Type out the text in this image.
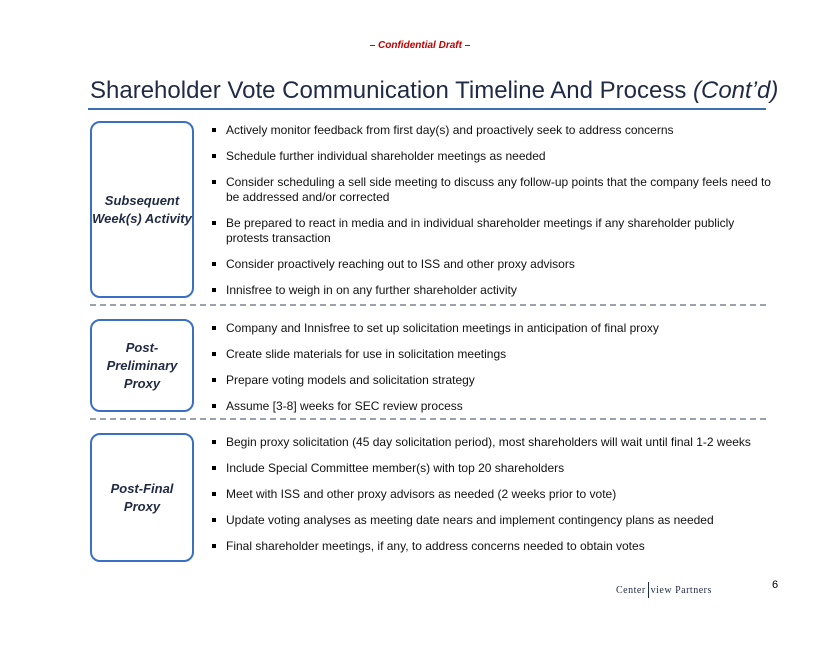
– Confidential Draft –
Shareholder Vote Communication Timeline And Process (Cont’d)
Subsequent Week(s) Activity
Actively monitor feedback from first day(s) and proactively seek to address concerns
Schedule further individual shareholder meetings as needed
Consider scheduling a sell side meeting to discuss any follow-up points that the company feels need to be addressed and/or corrected
Be prepared to react in media and in individual shareholder meetings if any shareholder publicly protests transaction
Consider proactively reaching out to ISS and other proxy advisors
Innisfree to weigh in on any further shareholder activity
Post-Preliminary Proxy
Company and Innisfree to set up solicitation meetings in anticipation of final proxy
Create slide materials for use in solicitation meetings
Prepare voting models and solicitation strategy
Assume [3-8] weeks for SEC review process
Post-Final Proxy
Begin proxy solicitation (45 day solicitation period), most shareholders will wait until final 1-2 weeks
Include Special Committee member(s) with top 20 shareholders
Meet with ISS and other proxy advisors as needed (2 weeks prior to vote)
Update voting analyses as meeting date nears and implement contingency plans as needed
Final shareholder meetings, if any, to address concerns needed to obtain votes
Center view Partners	6
